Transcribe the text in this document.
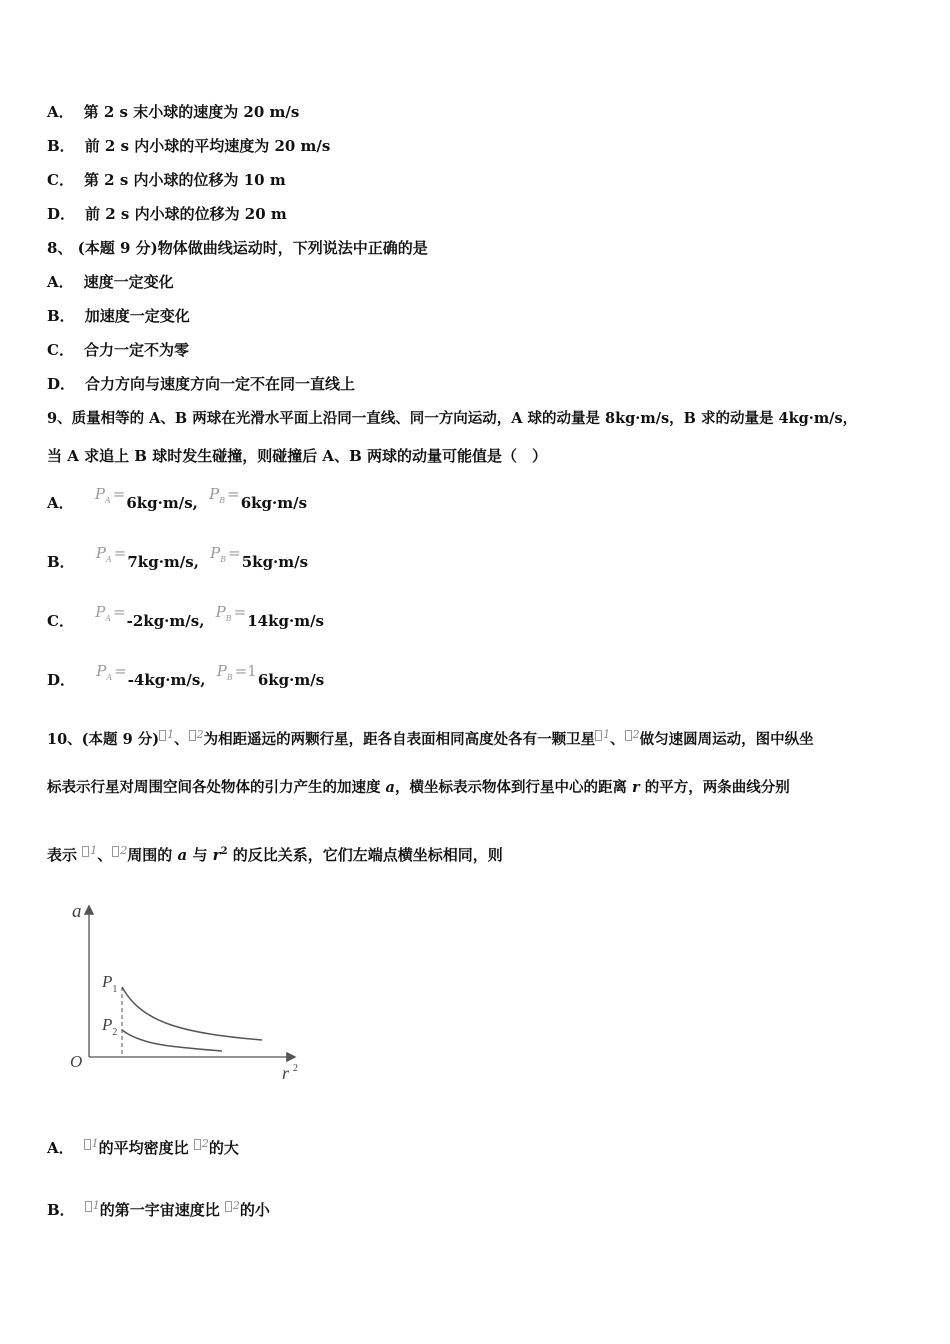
A． 第 2 s 末小球的速度为 20 m/s
B． 前 2 s 内小球的平均速度为 20 m/s
C． 第 2 s 内小球的位移为 10 m
D． 前 2 s 内小球的位移为 20 m
8、 (本题 9 分)物体做曲线运动时，下列说法中正确的是
A． 速度一定变化
B． 加速度一定变化
C． 合力一定不为零
D． 合力方向与速度方向一定不在同一直线上
9、质量相等的 A、B 两球在光滑水平面上沿同一直线、同一方向运动，A 球的动量是 8kg·m/s，B 求的动量是 4kg·m/s，
当 A 求追上 B 球时发生碰撞，则碰撞后 A、B 两球的动量可能值是（　）
A． $P_A =6kg\cdot m/s$, $P_B =6kg\cdot m/s$
B． $P_A =7kg\cdot m/s$, $P_B =5kg\cdot m/s$
C． $P_A =-2kg\cdot m/s$, $P_B =14kg\cdot m/s$
D． $P_A =-4kg\cdot m/s$, $P_B =16kg\cdot m/s$
10、(本题 9 分) $^1$、 $^2$为相距遥远的两颗行星，距各自表面相同高度处各有一颗卫星 $^1$、 $^2$做匀速圆周运动，图中纵坐
标表示行星对周围空间各处物体的引力产生的加速度 a，横坐标表示物体到行星中心的距离 r 的平方，两条曲线分别
表示 $^1$、 $^2$周围的 a 与 $r^2$ 的反比关系，它们左端点横坐标相同，则
a
r 2
O
$P_1$
$P_2$
A． $^1$的平均密度比 $^2$的大
B． $^1$的第一宇宙速度比 $^2$的小
